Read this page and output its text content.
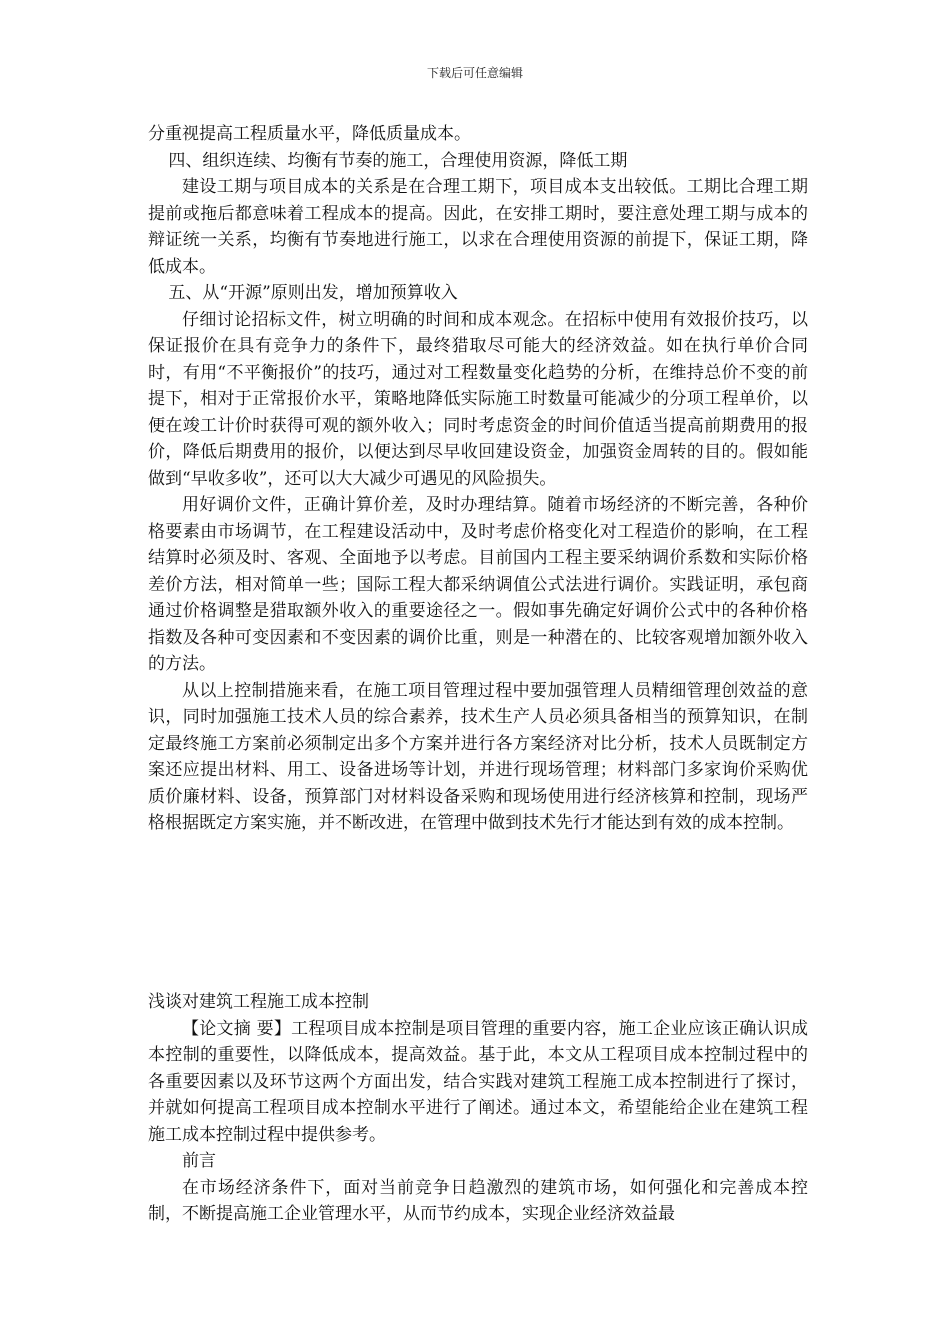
下载后可任意编辑

分重视提高工程质量水平，降低质量成本。

四、组织连续、均衡有节奏的施工，合理使用资源，降低工期

建设工期与项目成本的关系是在合理工期下，项目成本支出较低。工期比合理工期提前或拖后都意味着工程成本的提高。因此，在安排工期时，要注意处理工期与成本的辩证统一关系，均衡有节奏地进行施工，以求在合理使用资源的前提下，保证工期，降低成本。

五、从“开源”原则出发，增加预算收入

仔细讨论招标文件，树立明确的时间和成本观念。在招标中使用有效报价技巧，以保证报价在具有竞争力的条件下，最终猎取尽可能大的经济效益。如在执行单价合同时，有用“不平衡报价”的技巧，通过对工程数量变化趋势的分析，在维持总价不变的前提下，相对于正常报价水平，策略地降低实际施工时数量可能减少的分项工程单价，以便在竣工计价时获得可观的额外收入；同时考虑资金的时间价值适当提高前期费用的报价，降低后期费用的报价，以便达到尽早收回建设资金，加强资金周转的目的。假如能做到“早收多收”，还可以大大减少可遇见的风险损失。

用好调价文件，正确计算价差，及时办理结算。随着市场经济的不断完善，各种价格要素由市场调节，在工程建设活动中，及时考虑价格变化对工程造价的影响，在工程结算时必须及时、客观、全面地予以考虑。目前国内工程主要采纳调价系数和实际价格差价方法，相对简单一些；国际工程大都采纳调值公式法进行调价。实践证明，承包商通过价格调整是猎取额外收入的重要途径之一。假如事先确定好调价公式中的各种价格指数及各种可变因素和不变因素的调价比重，则是一种潜在的、比较客观增加额外收入的方法。

从以上控制措施来看，在施工项目管理过程中要加强管理人员精细管理创效益的意识，同时加强施工技术人员的综合素养，技术生产人员必须具备相当的预算知识，在制定最终施工方案前必须制定出多个方案并进行各方案经济对比分析，技术人员既制定方案还应提出材料、用工、设备进场等计划，并进行现场管理；材料部门多家询价采购优质价廉材料、设备，预算部门对材料设备采购和现场使用进行经济核算和控制，现场严格根据既定方案实施，并不断改进，在管理中做到技术先行才能达到有效的成本控制。

浅谈对建筑工程施工成本控制

【论文摘 要】工程项目成本控制是项目管理的重要内容，施工企业应该正确认识成本控制的重要性，以降低成本，提高效益。基于此，本文从工程项目成本控制过程中的各重要因素以及环节这两个方面出发，结合实践对建筑工程施工成本控制进行了探讨，并就如何提高工程项目成本控制水平进行了阐述。通过本文，希望能给企业在建筑工程施工成本控制过程中提供参考。

前言

在市场经济条件下，面对当前竞争日趋激烈的建筑市场，如何强化和完善成本控制，不断提高施工企业管理水平，从而节约成本，实现企业经济效益最
